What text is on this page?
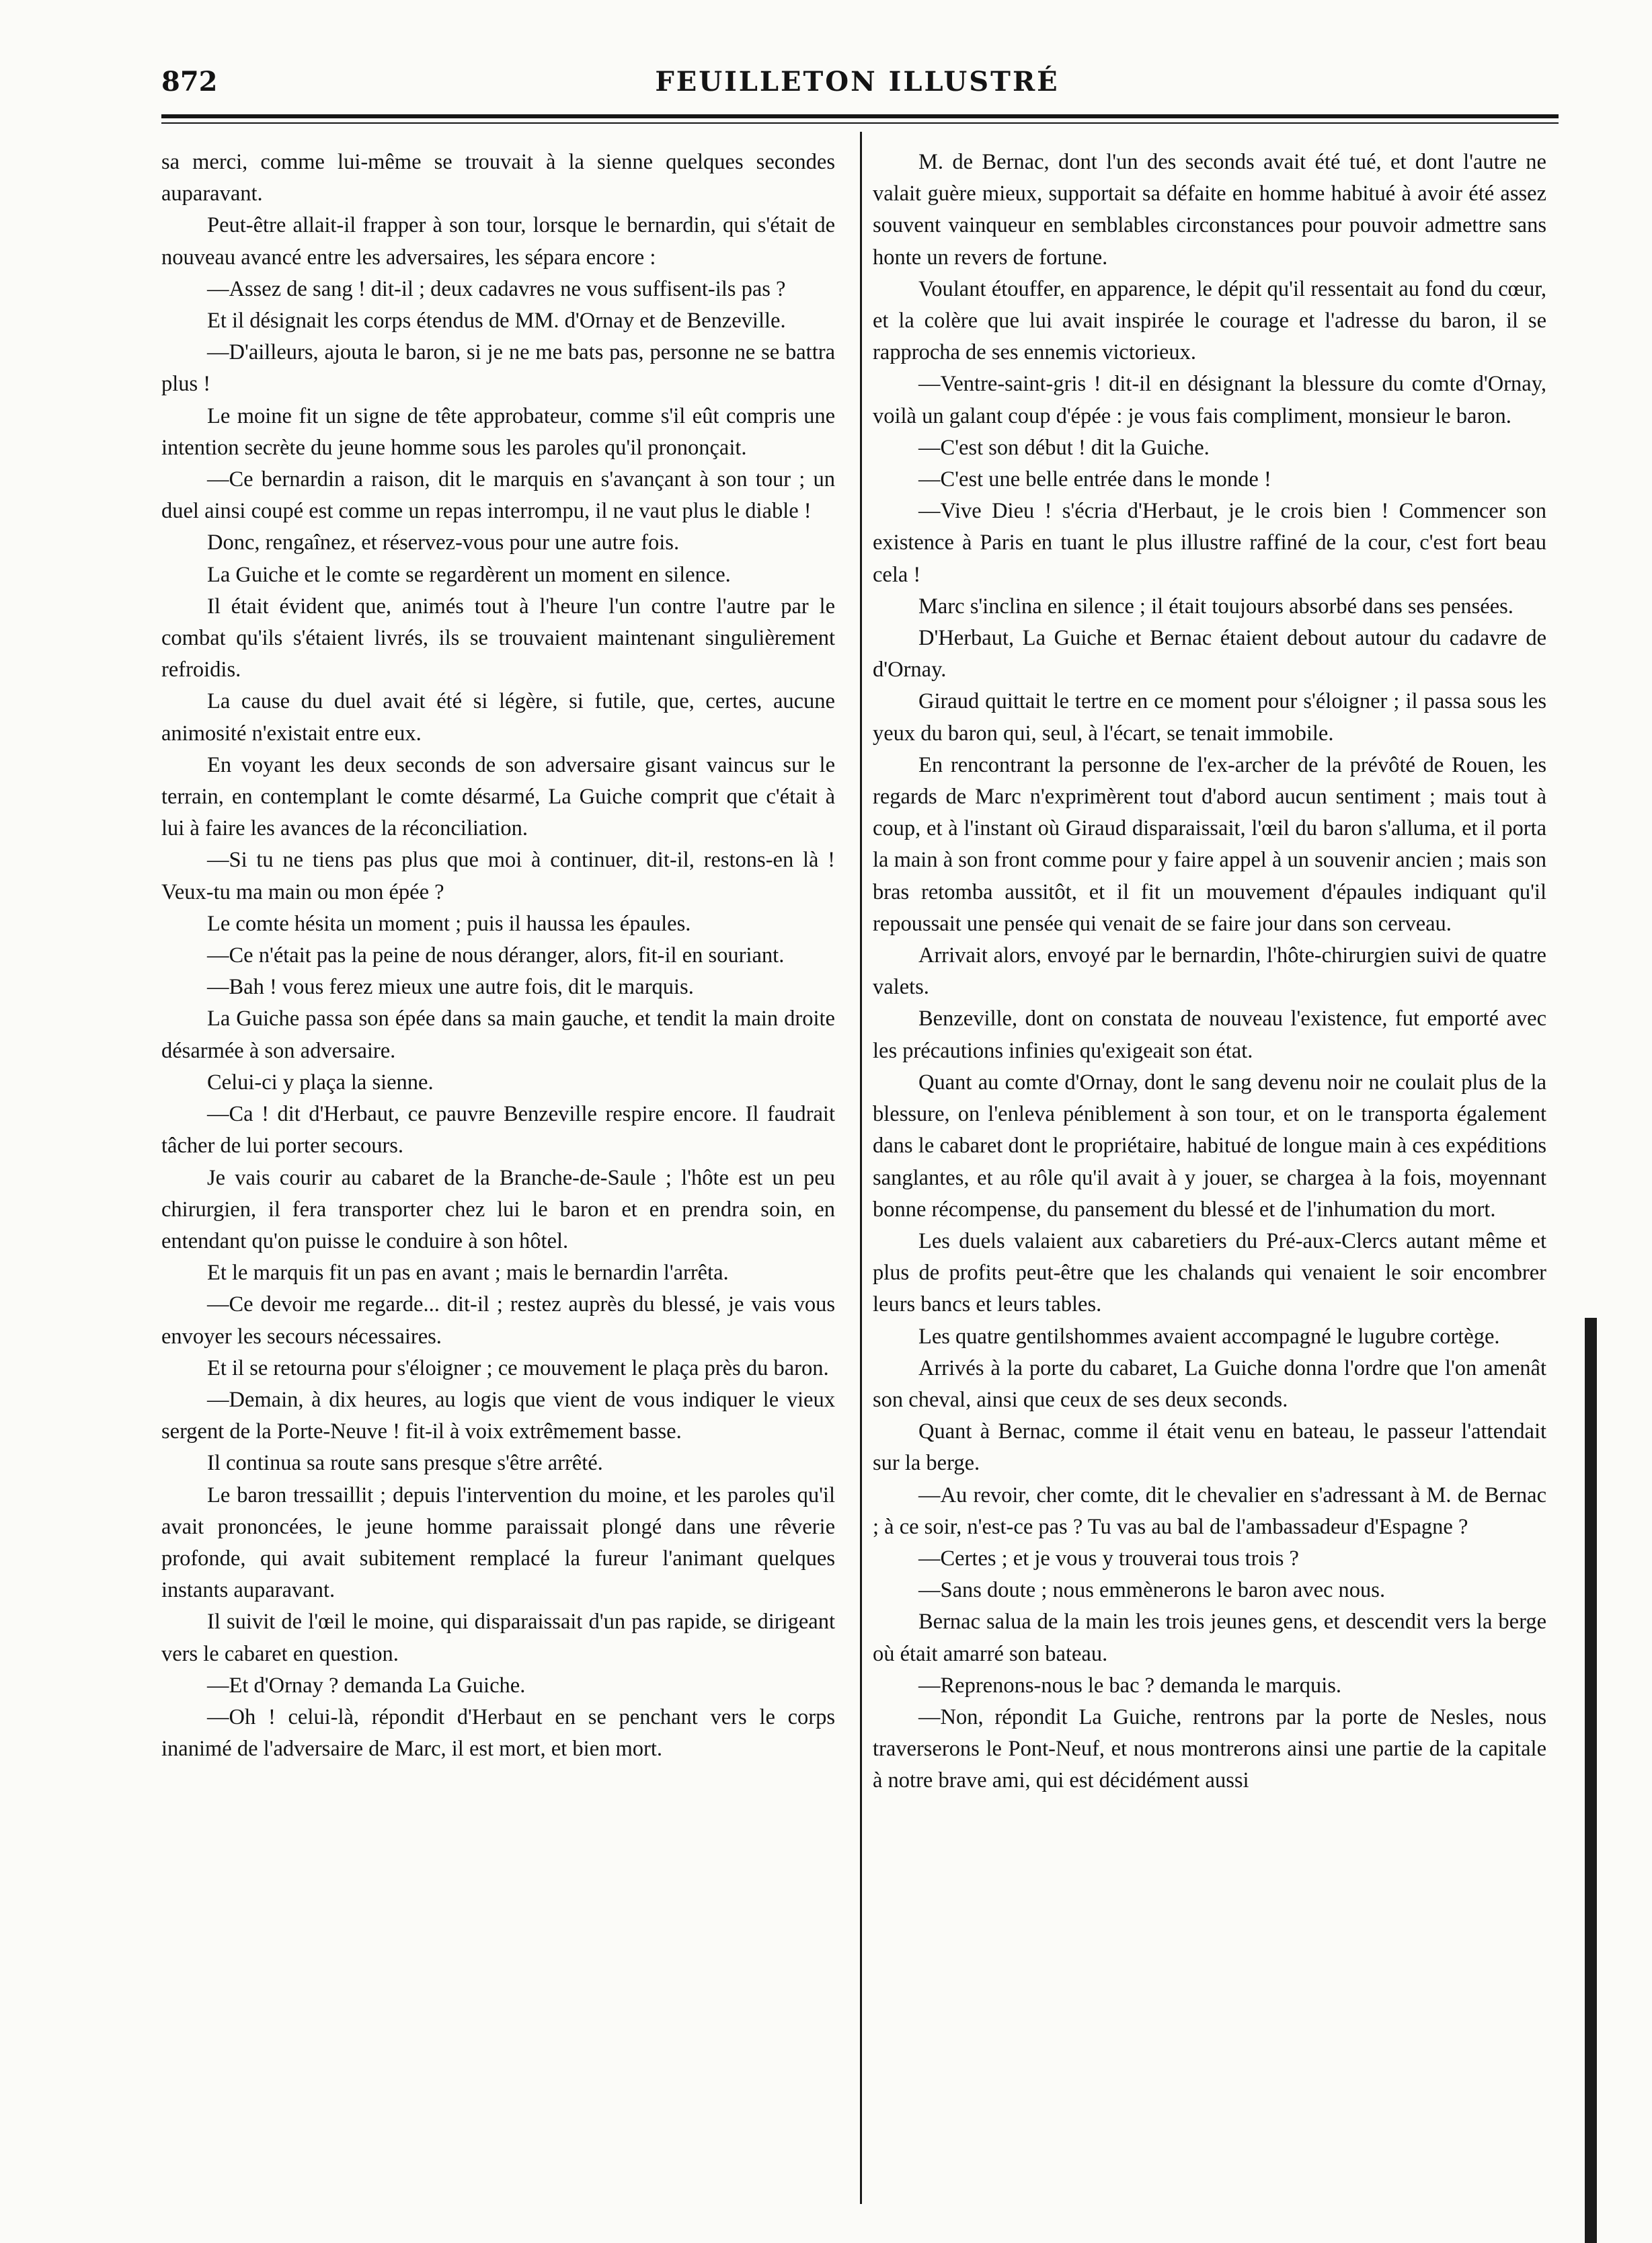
872	FEUILLETON ILLUSTRÉ

sa merci, comme lui-même se trouvait à la sienne quelques secondes auparavant.

Peut-être allait-il frapper à son tour, lorsque le bernardin, qui s'était de nouveau avancé entre les adversaires, les sépara encore :

—Assez de sang ! dit-il ; deux cadavres ne vous suffisent-ils pas ?

Et il désignait les corps étendus de MM. d'Ornay et de Benzeville.

—D'ailleurs, ajouta le baron, si je ne me bats pas, personne ne se battra plus !

Le moine fit un signe de tête approbateur, comme s'il eût compris une intention secrète du jeune homme sous les paroles qu'il prononçait.

—Ce bernardin a raison, dit le marquis en s'avançant à son tour ; un duel ainsi coupé est comme un repas interrompu, il ne vaut plus le diable !

Donc, rengaînez, et réservez-vous pour une autre fois.

La Guiche et le comte se regardèrent un moment en silence.

Il était évident que, animés tout à l'heure l'un contre l'autre par le combat qu'ils s'étaient livrés, ils se trouvaient maintenant singulièrement refroidis.

La cause du duel avait été si légère, si futile, que, certes, aucune animosité n'existait entre eux.

En voyant les deux seconds de son adversaire gisant vaincus sur le terrain, en contemplant le comte désarmé, La Guiche comprit que c'était à lui à faire les avances de la réconciliation.

—Si tu ne tiens pas plus que moi à continuer, dit-il, restons-en là ! Veux-tu ma main ou mon épée ?

Le comte hésita un moment ; puis il haussa les épaules.

—Ce n'était pas la peine de nous déranger, alors, fit-il en souriant.

—Bah ! vous ferez mieux une autre fois, dit le marquis.

La Guiche passa son épée dans sa main gauche, et tendit la main droite désarmée à son adversaire.

Celui-ci y plaça la sienne.

—Ca ! dit d'Herbaut, ce pauvre Benzeville respire encore. Il faudrait tâcher de lui porter secours.

Je vais courir au cabaret de la Branche-de-Saule ; l'hôte est un peu chirurgien, il fera transporter chez lui le baron et en prendra soin, en entendant qu'on puisse le conduire à son hôtel.

Et le marquis fit un pas en avant ; mais le bernardin l'arrêta.

—Ce devoir me regarde... dit-il ; restez auprès du blessé, je vais vous envoyer les secours nécessaires.

Et il se retourna pour s'éloigner ; ce mouvement le plaça près du baron.

—Demain, à dix heures, au logis que vient de vous indiquer le vieux sergent de la Porte-Neuve ! fit-il à voix extrêmement basse.

Il continua sa route sans presque s'être arrêté.

Le baron tressaillit ; depuis l'intervention du moine, et les paroles qu'il avait prononcées, le jeune homme paraissait plongé dans une rêverie profonde, qui avait subitement remplacé la fureur l'animant quelques instants auparavant.

Il suivit de l'œil le moine, qui disparaissait d'un pas rapide, se dirigeant vers le cabaret en question.

—Et d'Ornay ? demanda La Guiche.

—Oh ! celui-là, répondit d'Herbaut en se penchant vers le corps inanimé de l'adversaire de Marc, il est mort, et bien mort.

M. de Bernac, dont l'un des seconds avait été tué, et dont l'autre ne valait guère mieux, supportait sa défaite en homme habitué à avoir été assez souvent vainqueur en semblables circonstances pour pouvoir admettre sans honte un revers de fortune.

Voulant étouffer, en apparence, le dépit qu'il ressentait au fond du cœur, et la colère que lui avait inspirée le courage et l'adresse du baron, il se rapprocha de ses ennemis victorieux.

—Ventre-saint-gris ! dit-il en désignant la blessure du comte d'Ornay, voilà un galant coup d'épée : je vous fais compliment, monsieur le baron.

—C'est son début ! dit la Guiche.

—C'est une belle entrée dans le monde !

—Vive Dieu ! s'écria d'Herbaut, je le crois bien ! Commencer son existence à Paris en tuant le plus illustre raffiné de la cour, c'est fort beau cela !

Marc s'inclina en silence ; il était toujours absorbé dans ses pensées.

D'Herbaut, La Guiche et Bernac étaient debout autour du cadavre de d'Ornay.

Giraud quittait le tertre en ce moment pour s'éloigner ; il passa sous les yeux du baron qui, seul, à l'écart, se tenait immobile.

En rencontrant la personne de l'ex-archer de la prévôté de Rouen, les regards de Marc n'exprimèrent tout d'abord aucun sentiment ; mais tout à coup, et à l'instant où Giraud disparaissait, l'œil du baron s'alluma, et il porta la main à son front comme pour y faire appel à un souvenir ancien ; mais son bras retomba aussitôt, et il fit un mouvement d'épaules indiquant qu'il repoussait une pensée qui venait de se faire jour dans son cerveau.

Arrivait alors, envoyé par le bernardin, l'hôte-chirurgien suivi de quatre valets.

Benzeville, dont on constata de nouveau l'existence, fut emporté avec les précautions infinies qu'exigeait son état.

Quant au comte d'Ornay, dont le sang devenu noir ne coulait plus de la blessure, on l'enleva péniblement à son tour, et on le transporta également dans le cabaret dont le propriétaire, habitué de longue main à ces expéditions sanglantes, et au rôle qu'il avait à y jouer, se chargea à la fois, moyennant bonne récompense, du pansement du blessé et de l'inhumation du mort.

Les duels valaient aux cabaretiers du Pré-aux-Clercs autant même et plus de profits peut-être que les chalands qui venaient le soir encombrer leurs bancs et leurs tables.

Les quatre gentilshommes avaient accompagné le lugubre cortège.

Arrivés à la porte du cabaret, La Guiche donna l'ordre que l'on amenât son cheval, ainsi que ceux de ses deux seconds.

Quant à Bernac, comme il était venu en bateau, le passeur l'attendait sur la berge.

—Au revoir, cher comte, dit le chevalier en s'adressant à M. de Bernac ; à ce soir, n'est-ce pas ? Tu vas au bal de l'ambassadeur d'Espagne ?

—Certes ; et je vous y trouverai tous trois ?

—Sans doute ; nous emmènerons le baron avec nous.

Bernac salua de la main les trois jeunes gens, et descendit vers la berge où était amarré son bateau.

—Reprenons-nous le bac ? demanda le marquis.

—Non, répondit La Guiche, rentrons par la porte de Nesles, nous traverserons le Pont-Neuf, et nous montrerons ainsi une partie de la capitale à notre brave ami, qui est décidément aussi
